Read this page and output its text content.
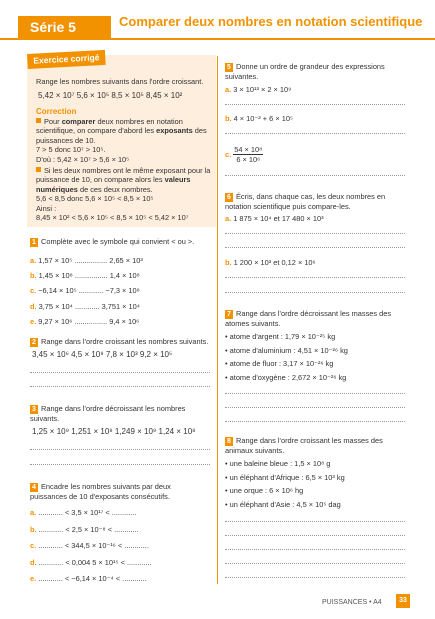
Série 5	Comparer deux nombres en notation scientifique
Exercice corrigé
Range les nombres suivants dans l'ordre croissant.
5,42 × 10⁷ 5,6 × 10⁵ 8,5 × 10⁵ 8,45 × 10²
Correction
Pour comparer deux nombres en notation scientifique, on compare d'abord les exposants des puissances de 10.
7 > 5 donc 10⁷ > 10⁵.
D'où : 5,42 × 10⁷ > 5,6 × 10⁵
Si les deux nombres ont le même exposant pour la puissance de 10, on compare alors les valeurs numériques de ces deux nombres.
5,6 < 8,5 donc 5,6 × 10⁵ < 8,5 × 10⁵
Ainsi :
8,45 × 10² < 5,6 × 10⁵ < 8,5 × 10⁵ < 5,42 × 10⁷
1 Complète avec le symbole qui convient < ou >.
a. 1,57 × 10⁵ ................ 2,65 × 10³
b. 1,45 × 10⁸ ................ 1,4 × 10⁸
c. −6,14 × 10⁵ ............ −7,3 × 10⁸
d. 3,75 × 10⁴ ............ 3,751 × 10⁴
e. 9,27 × 10⁶ ................ 9,4 × 10⁶
2 Range dans l'ordre croissant les nombres suivants.
3,45 × 10⁶ 4,5 × 10⁸ 7,8 × 10³ 9,2 × 10⁵
3 Range dans l'ordre décroissant les nombres
suivants.
1,25 × 10⁹ 1,251 × 10⁸ 1,249 × 10⁹ 1,24 × 10⁸
4 Encadre les nombres suivants par deux
puissances de 10 d'exposants consécutifs.
a. ............ < 3,5 × 10¹⁷ < ............
b. ............ < 2,5 × 10⁻⁸ < ............
c. ............ < 344,5 × 10⁻¹⁶ < ............
d. ............ < 0,004 5 × 10¹⁵ < ............
e. ............ < −6,14 × 10⁻⁴ < ............
5 Donne un ordre de grandeur des expressions
suivantes.
a. 3 × 10¹³ × 2 × 10⁹
b. 4 × 10⁻² + 6 × 10⁵
c. $\frac{\text{54 × 10⁸}}{\text{6 × 10⁶}}$
6 Écris, dans chaque cas, les deux nombres en
notation scientifique puis compare-les.
a. 1 875 × 10⁴ et 17 480 × 10³
b. 1 200 × 10³ et 0,12 × 10⁶
7 Range dans l'ordre décroissant les masses des
atomes suivants.
• atome d'argent : 1,79 × 10⁻²⁵ kg
• atome d'aluminium : 4,51 × 10⁻²⁶ kg
• atome de fluor : 3,17 × 10⁻²⁶ kg
• atome d'oxygène : 2,672 × 10⁻²⁶ kg
8 Range dans l'ordre croissant les masses des
animaux suivants.
• une baleine bleue : 1,5 × 10⁸ g
• un éléphant d'Afrique : 6,5 × 10³ kg
• une orque : 6 × 10⁶ hg
• un éléphant d'Asie : 4,5 × 10⁵ dag
PUISSANCES • A4	33
